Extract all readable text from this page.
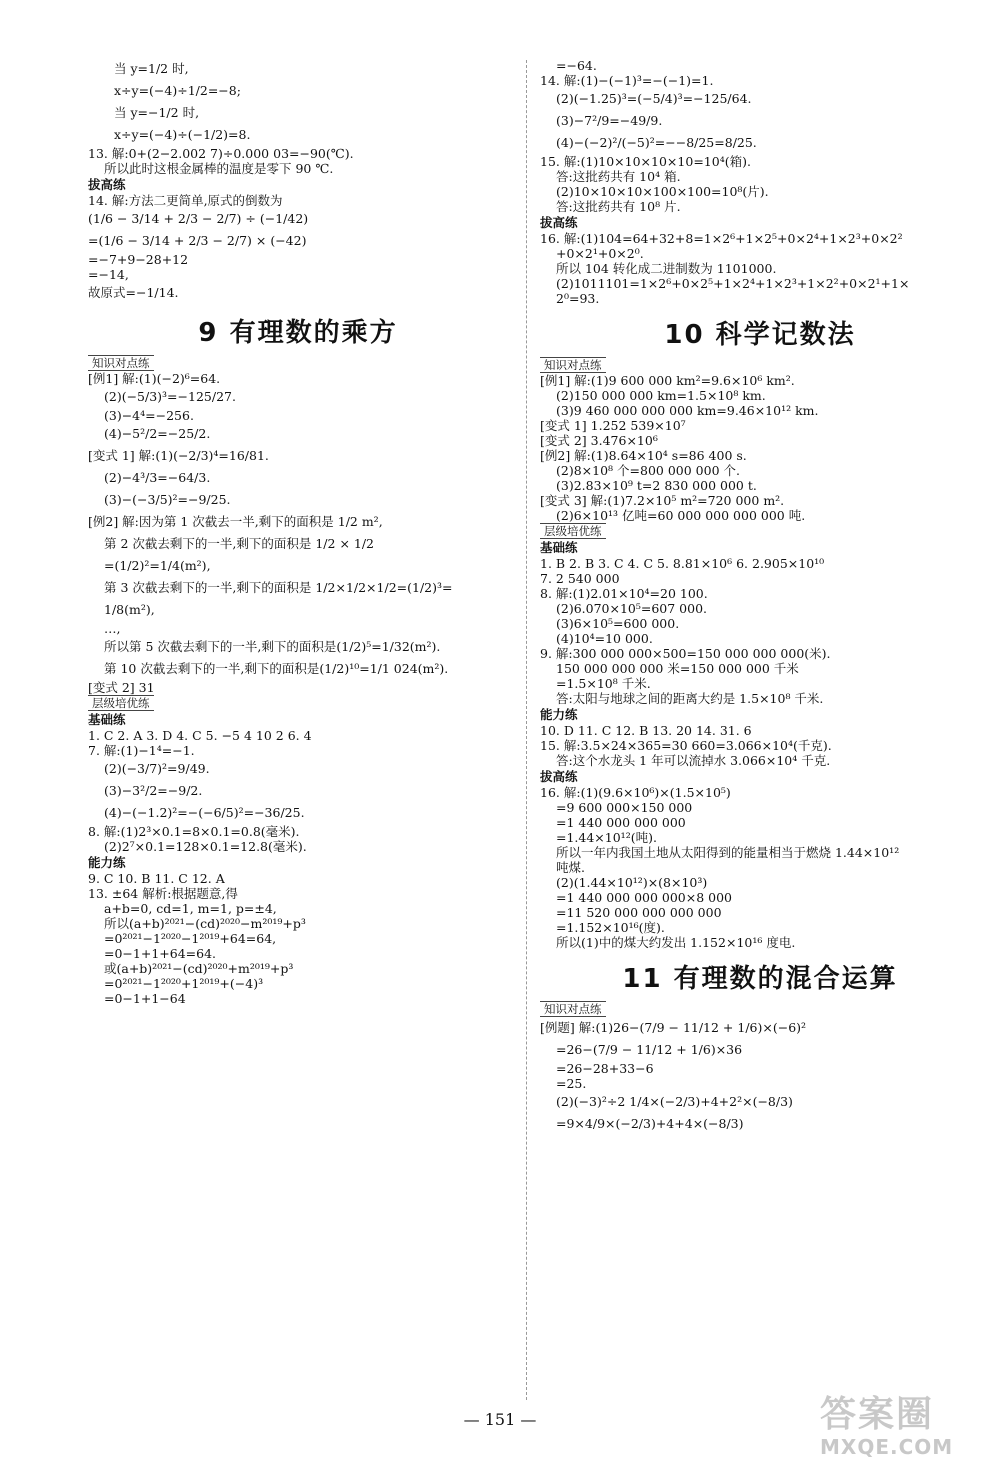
当 y=1/2 时,
x÷y=(−4)÷1/2=−8;
当 y=−1/2 时,
x÷y=(−4)÷(−1/2)=8.
13. 解:0+(2−2.002 7)÷0.000 03=−90(℃).
所以此时这根金属棒的温度是零下 90 ℃.
拔高练
14. 解:方法二更简单,原式的倒数为
(1/6 − 3/14 + 2/3 − 2/7) ÷ (−1/42)
=(1/6 − 3/14 + 2/3 − 2/7) × (−42)
=−7+9−28+12
=−14,
故原式=−1/14.
9 有理数的乘方
知识对点练
[例1] 解:(1)(−2)⁶=64.
(2)(−5/3)³=−125/27.
(3)−4⁴=−256.
(4)−5²/2=−25/2.
[变式 1] 解:(1)(−2/3)⁴=16/81.
(2)−4³/3=−64/3.
(3)−(−3/5)²=−9/25.
[例2] 解:因为第 1 次截去一半,剩下的面积是 1/2 m²,
第 2 次截去剩下的一半,剩下的面积是 1/2 × 1/2
=(1/2)²=1/4(m²),
第 3 次截去剩下的一半,剩下的面积是 1/2×1/2×1/2=(1/2)³=
1/8(m²),
…,
所以第 5 次截去剩下的一半,剩下的面积是(1/2)⁵=1/32(m²).
第 10 次截去剩下的一半,剩下的面积是(1/2)¹⁰=1/1 024(m²).
[变式 2] 31
层级培优练
基础练
1. C 2. A 3. D 4. C 5. −5 4 10 2 6. 4
7. 解:(1)−1⁴=−1.
(2)(−3/7)²=9/49.
(3)−3²/2=−9/2.
(4)−(−1.2)²=−(−6/5)²=−36/25.
8. 解:(1)2³×0.1=8×0.1=0.8(毫米).
(2)2⁷×0.1=128×0.1=12.8(毫米).
能力练
9. C 10. B 11. C 12. A
13. ±64 解析:根据题意,得
a+b=0, cd=1, m=1, p=±4,
所以(a+b)²⁰²¹−(cd)²⁰²⁰−m²⁰¹⁹+p³
=0²⁰²¹−1²⁰²⁰−1²⁰¹⁹+64=64,
=0−1+1+64=64.
或(a+b)²⁰²¹−(cd)²⁰²⁰+m²⁰¹⁹+p³
=0²⁰²¹−1²⁰²⁰+1²⁰¹⁹+(−4)³
=0−1+1−64
=−64.
14. 解:(1)−(−1)³=−(−1)=1.
(2)(−1.25)³=(−5/4)³=−125/64.
(3)−7²/9=−49/9.
(4)−(−2)²/(−5)²=−−8/25=8/25.
15. 解:(1)10×10×10×10=10⁴(箱).
答:这批药共有 10⁴ 箱.
(2)10×10×10×100×100=10⁸(片).
答:这批药共有 10⁸ 片.
拔高练
16. 解:(1)104=64+32+8=1×2⁶+1×2⁵+0×2⁴+1×2³+0×2²
+0×2¹+0×2⁰.
所以 104 转化成二进制数为 1101000.
(2)1011101=1×2⁶+0×2⁵+1×2⁴+1×2³+1×2²+0×2¹+1×
2⁰=93.
10 科学记数法
知识对点练
[例1] 解:(1)9 600 000 km²=9.6×10⁶ km².
(2)150 000 000 km=1.5×10⁸ km.
(3)9 460 000 000 000 km=9.46×10¹² km.
[变式 1] 1.252 539×10⁷
[变式 2] 3.476×10⁶
[例2] 解:(1)8.64×10⁴ s=86 400 s.
(2)8×10⁸ 个=800 000 000 个.
(3)2.83×10⁹ t=2 830 000 000 t.
[变式 3] 解:(1)7.2×10⁵ m²=720 000 m².
(2)6×10¹³ 亿吨=60 000 000 000 000 吨.
层级培优练
基础练
1. B 2. B 3. C 4. C 5. 8.81×10⁶ 6. 2.905×10¹⁰
7. 2 540 000
8. 解:(1)2.01×10⁴=20 100.
(2)6.070×10⁵=607 000.
(3)6×10⁵=600 000.
(4)10⁴=10 000.
9. 解:300 000 000×500=150 000 000 000(米).
150 000 000 000 米=150 000 000 千米
=1.5×10⁸ 千米.
答:太阳与地球之间的距离大约是 1.5×10⁸ 千米.
能力练
10. D 11. C 12. B 13. 20 14. 31. 6
15. 解:3.5×24×365=30 660=3.066×10⁴(千克).
答:这个水龙头 1 年可以流掉水 3.066×10⁴ 千克.
拔高练
16. 解:(1)(9.6×10⁶)×(1.5×10⁵)
=9 600 000×150 000
=1 440 000 000 000
=1.44×10¹²(吨).
所以一年内我国土地从太阳得到的能量相当于燃烧 1.44×10¹²
吨煤.
(2)(1.44×10¹²)×(8×10³)
=1 440 000 000 000×8 000
=11 520 000 000 000 000
=1.152×10¹⁶(度).
所以(1)中的煤大约发出 1.152×10¹⁶ 度电.
11 有理数的混合运算
知识对点练
[例题] 解:(1)26−(7/9 − 11/12 + 1/6)×(−6)²
=26−(7/9 − 11/12 + 1/6)×36
=26−28+33−6
=25.
(2)(−3)²÷2 1/4×(−2/3)+4+2²×(−8/3)
=9×4/9×(−2/3)+4+4×(−8/3)
— 151 —	答案圈
MXQE.COM
